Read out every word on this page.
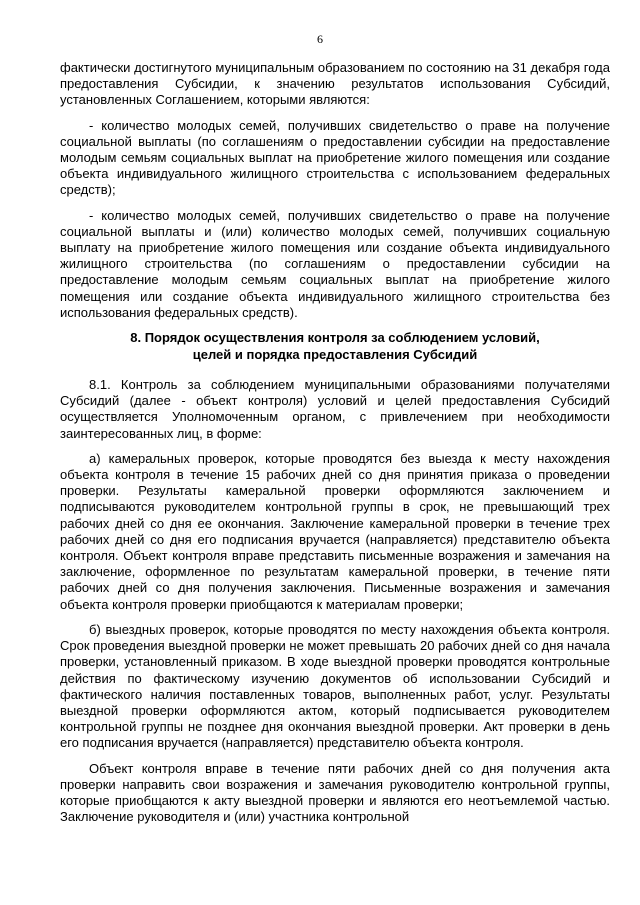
6

фактически достигнутого муниципальным образованием по состоянию на 31 декабря года предоставления Субсидии, к значению результатов использования Субсидий, установленных Соглашением, которыми являются:

- количество молодых семей, получивших свидетельство о праве на получение социальной выплаты (по соглашениям о предоставлении субсидии на предоставление молодым семьям социальных выплат на приобретение жилого помещения или создание объекта индивидуального жилищного строительства с использованием федеральных средств);

- количество молодых семей, получивших свидетельство о праве на получение социальной выплаты и (или) количество молодых семей, получивших социальную выплату на приобретение жилого помещения или создание объекта индивидуального жилищного строительства (по соглашениям о предоставлении субсидии на предоставление молодым семьям социальных выплат на приобретение жилого помещения или создание объекта индивидуального жилищного строительства без использования федеральных средств).

8. Порядок осуществления контроля за соблюдением условий,
целей и порядка предоставления Субсидий

8.1. Контроль за соблюдением муниципальными образованиями получателями Субсидий (далее - объект контроля) условий и целей предоставления Субсидий осуществляется Уполномоченным органом, с привлечением при необходимости заинтересованных лиц, в форме:

а) камеральных проверок, которые проводятся без выезда к месту нахождения объекта контроля в течение 15 рабочих дней со дня принятия приказа о проведении проверки. Результаты камеральной проверки оформляются заключением и подписываются руководителем контрольной группы в срок, не превышающий трех рабочих дней со дня ее окончания. Заключение камеральной проверки в течение трех рабочих дней со дня его подписания вручается (направляется) представителю объекта контроля. Объект контроля вправе представить письменные возражения и замечания на заключение, оформленное по результатам камеральной проверки, в течение пяти рабочих дней со дня получения заключения. Письменные возражения и замечания объекта контроля проверки приобщаются к материалам проверки;

б) выездных проверок, которые проводятся по месту нахождения объекта контроля. Срок проведения выездной проверки не может превышать 20 рабочих дней со дня начала проверки, установленный приказом. В ходе выездной проверки проводятся контрольные действия по фактическому изучению документов об использовании Субсидий и фактического наличия поставленных товаров, выполненных работ, услуг. Результаты выездной проверки оформляются актом, который подписывается руководителем контрольной группы не позднее дня окончания выездной проверки. Акт проверки в день его подписания вручается (направляется) представителю объекта контроля.

Объект контроля вправе в течение пяти рабочих дней со дня получения акта проверки направить свои возражения и замечания руководителю контрольной группы, которые приобщаются к акту выездной проверки и являются его неотъемлемой частью. Заключение руководителя и (или) участника контрольной
